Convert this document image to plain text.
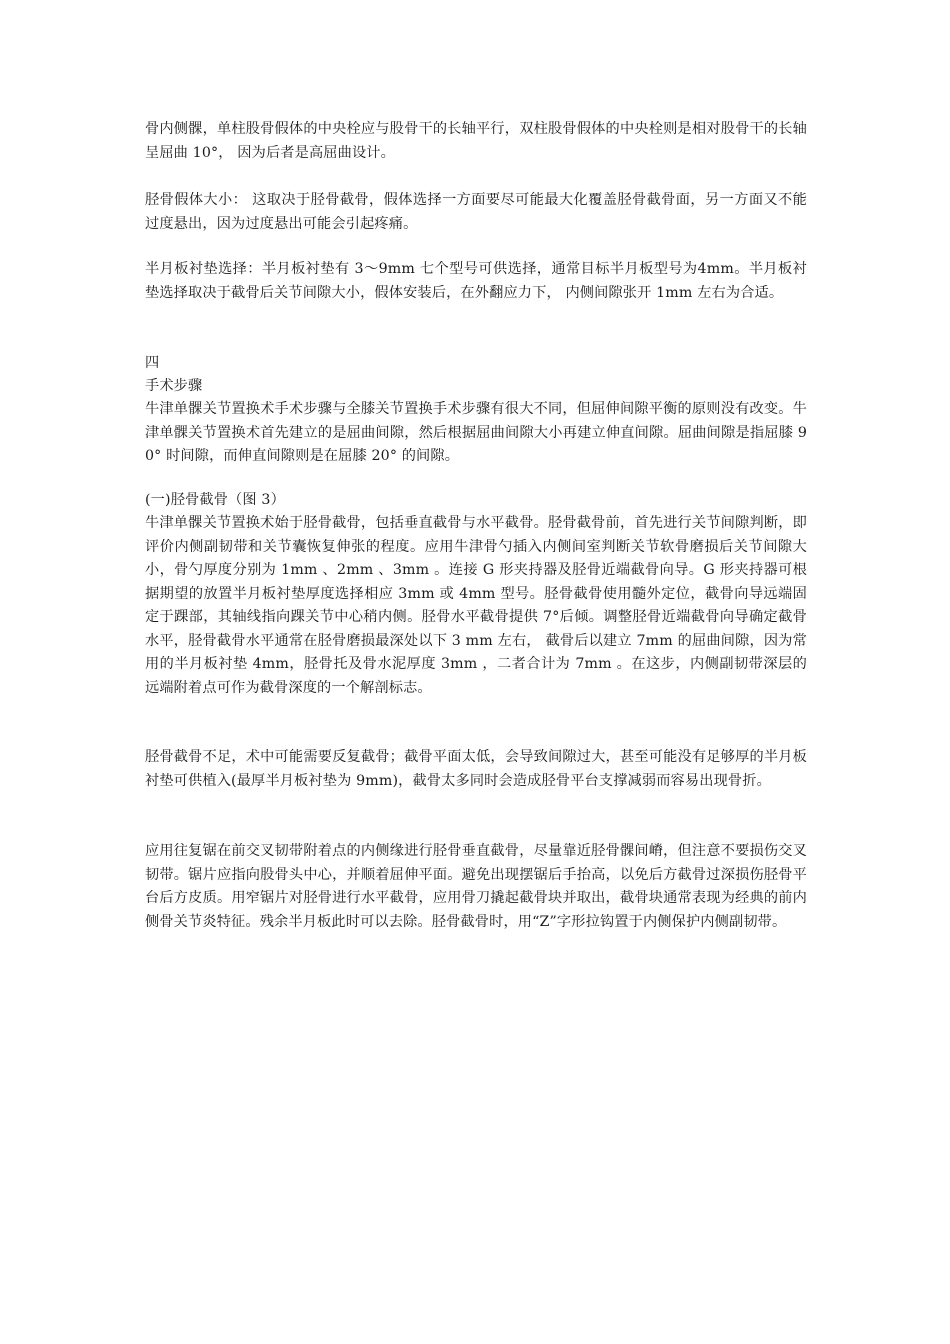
骨内侧髁，单柱股骨假体的中央栓应与股骨干的长轴平行，双柱股骨假体的中央栓则是相对股骨干的长轴呈屈曲 10°， 因为后者是高屈曲设计。

胫骨假体大小： 这取决于胫骨截骨，假体选择一方面要尽可能最大化覆盖胫骨截骨面，另一方面又不能过度悬出，因为过度悬出可能会引起疼痛。

半月板衬垫选择：半月板衬垫有 3～9mm 七个型号可供选择，通常目标半月板型号为4mm。半月板衬垫选择取决于截骨后关节间隙大小，假体安装后，在外翻应力下， 内侧间隙张开 1mm 左右为合适。

四

手术步骤

牛津单髁关节置换术手术步骤与全膝关节置换手术步骤有很大不同，但屈伸间隙平衡的原则没有改变。牛津单髁关节置换术首先建立的是屈曲间隙，然后根据屈曲间隙大小再建立伸直间隙。屈曲间隙是指屈膝 90° 时间隙，而伸直间隙则是在屈膝 20° 的间隙。

(一)胫骨截骨（图 3）

牛津单髁关节置换术始于胫骨截骨，包括垂直截骨与水平截骨。胫骨截骨前，首先进行关节间隙判断，即评价内侧副韧带和关节囊恢复伸张的程度。应用牛津骨勺插入内侧间室判断关节软骨磨损后关节间隙大小，骨勺厚度分别为 1mm 、2mm 、3mm 。连接 G 形夹持器及胫骨近端截骨向导。G 形夹持器可根据期望的放置半月板衬垫厚度选择相应 3mm 或 4mm 型号。胫骨截骨使用髓外定位，截骨向导远端固定于踝部，其轴线指向踝关节中心稍内侧。胫骨水平截骨提供 7°后倾。调整胫骨近端截骨向导确定截骨水平，胫骨截骨水平通常在胫骨磨损最深处以下 3 mm 左右， 截骨后以建立 7mm 的屈曲间隙，因为常用的半月板衬垫 4mm，胫骨托及骨水泥厚度 3mm ，二者合计为 7mm 。在这步，内侧副韧带深层的远端附着点可作为截骨深度的一个解剖标志。

胫骨截骨不足，术中可能需要反复截骨；截骨平面太低，会导致间隙过大，甚至可能没有足够厚的半月板衬垫可供植入(最厚半月板衬垫为 9mm)，截骨太多同时会造成胫骨平台支撑减弱而容易出现骨折。

应用往复锯在前交叉韧带附着点的内侧缘进行胫骨垂直截骨，尽量靠近胫骨髁间嵴，但注意不要损伤交叉韧带。锯片应指向股骨头中心，并顺着屈伸平面。避免出现摆锯后手抬高，以免后方截骨过深损伤胫骨平台后方皮质。用窄锯片对胫骨进行水平截骨，应用骨刀撬起截骨块并取出，截骨块通常表现为经典的前内侧骨关节炎特征。残余半月板此时可以去除。胫骨截骨时，用“Z”字形拉钩置于内侧保护内侧副韧带。
